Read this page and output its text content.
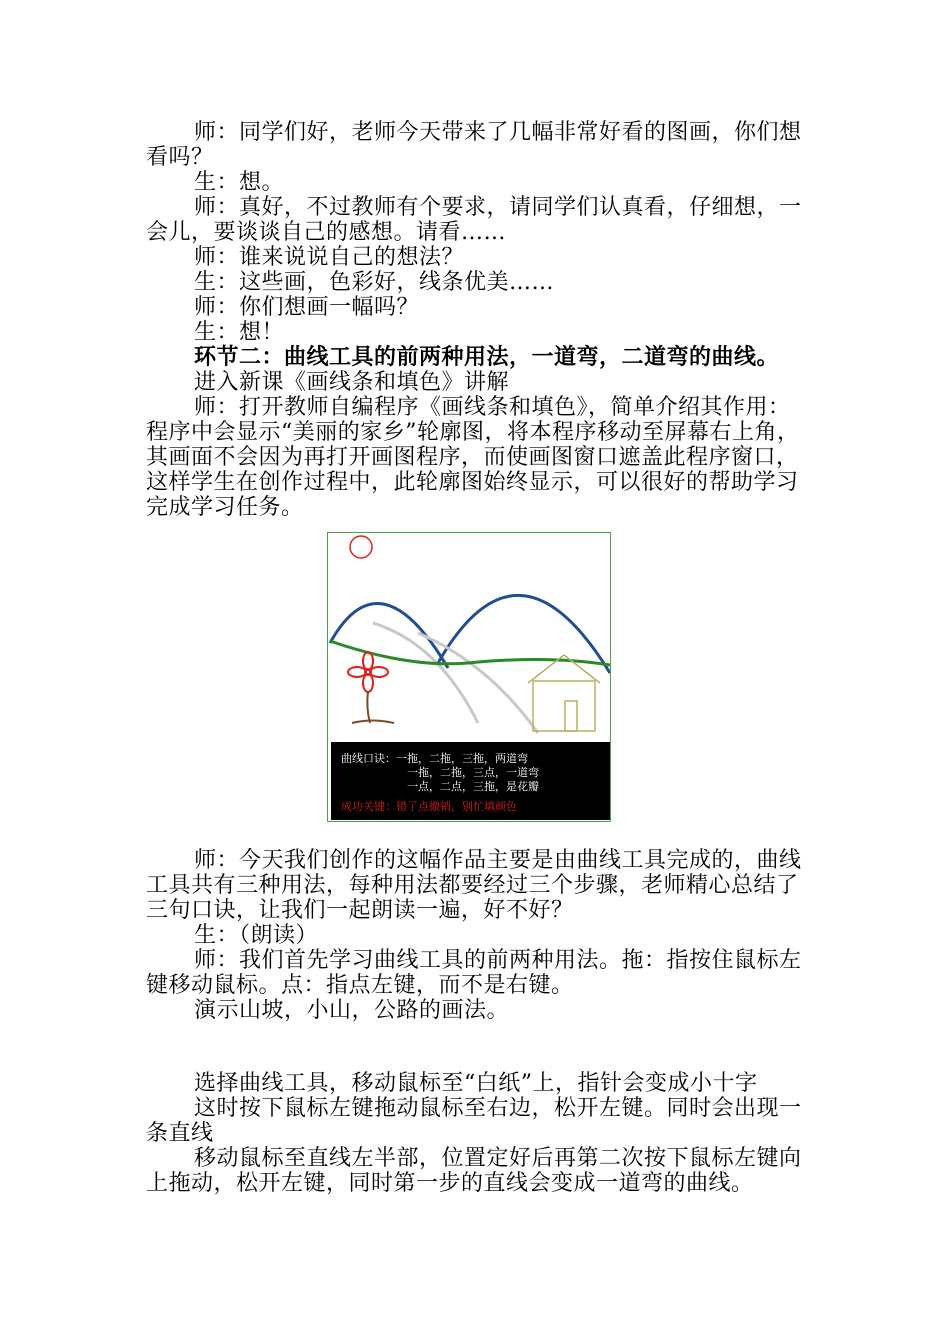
师：同学们好，老师今天带来了几幅非常好看的图画，你们想看吗？

生：想。

师：真好，不过教师有个要求，请同学们认真看，仔细想，一会儿，要谈谈自己的感想。请看……

师：谁来说说自己的想法？

生：这些画，色彩好，线条优美……

师：你们想画一幅吗？

生：想！

环节二：曲线工具的前两种用法，一道弯，二道弯的曲线。

进入新课《画线条和填色》讲解

师：打开教师自编程序《画线条和填色》，简单介绍其作用：程序中会显示“美丽的家乡”轮廓图，将本程序移动至屏幕右上角，其画面不会因为再打开画图程序，而使画图窗口遮盖此程序窗口，这样学生在创作过程中，此轮廓图始终显示，可以很好的帮助学习完成学习任务。

曲线口诀：一拖，二拖，三拖，两道弯
一拖，二拖，三点，一道弯
一点，二点，三拖，是花瓣
成功关键：错了点撤销，别忙填颜色

师：今天我们创作的这幅作品主要是由曲线工具完成的，曲线工具共有三种用法，每种用法都要经过三个步骤，老师精心总结了三句口诀，让我们一起朗读一遍，好不好？

生：（朗读）

师：我们首先学习曲线工具的前两种用法。拖：指按住鼠标左键移动鼠标。点：指点左键，而不是右键。

演示山坡，小山，公路的画法。

选择曲线工具，移动鼠标至“白纸”上，指针会变成小十字

这时按下鼠标左键拖动鼠标至右边，松开左键。同时会出现一条直线

移动鼠标至直线左半部，位置定好后再第二次按下鼠标左键向上拖动，松开左键，同时第一步的直线会变成一道弯的曲线。
